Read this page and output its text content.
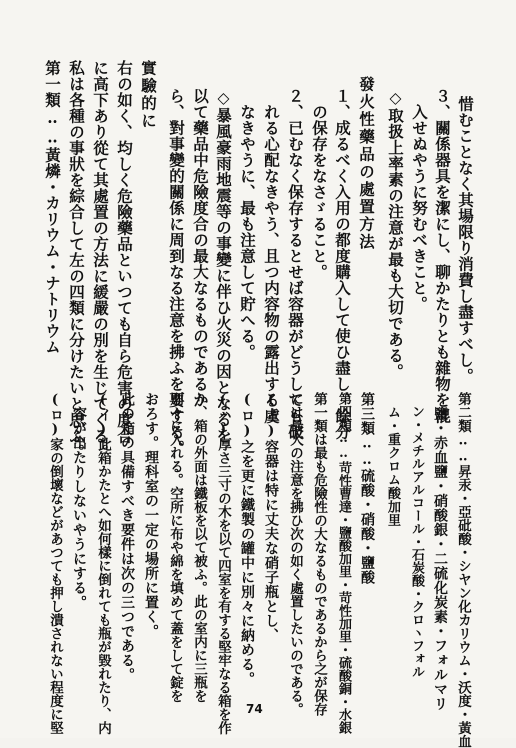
惜むことなく其場限り消費し盡すべし。
３、關係器具を潔にし、聊かたりとも雜物を混
　入せぬやうに努むべきこと。
◇取扱上率素の注意が最も大切である。
發火性藥品の處置方法
１、成るべく入用の都度購入して使ひ盡し、餘分
　の保存をなさゞること。
２、已むなく保存するとせば容器がどうしても破
　れる心配なきやう、且つ内容物の露出する虞
　なきやうに、最も注意して貯へる。
◇暴風豪雨地震等の事變に伴ひ火災の因となるを
以て藥品中危險度合の最大なるものであるか
ら、對事變的關係に周到なる注意を拂ふを要する。
實驗的に
右の如く、均しく危險藥品といつても自ら危害の度合
に高下あり從て其處置の方法に緩嚴の別を生じてくる。
私は各種の事狀を綜合して左の四類に分けたいと思ふ。
第一類‥‥黃燐・カリウム・ナトリウム
第二類‥‥昇汞・亞砒酸・シヤン化カリウム・沃度・黃血
　鹽・赤血鹽・硝酸銀・二硫化炭素・フォルマリ
　ン・メチルアルコール・石炭酸・クロヽフォル
　ム・重クロム酸加里
第三類‥‥硫酸・硝酸・鹽酸
第四類‥‥苛性曹達・鹽酸加里・苛性加里・硫酸銅・水銀
第一類は最も危險性の大なるものであるから之が保存
には最大の注意を拂ひ次の如く處置したいのである。
(イ)容器は特に丈夫な硝子瓶とし、
(ロ)之を更に鐵製の罐中に別々に納める。
(ハ)厚さ三寸の木を以て四室を有する堅牢なる箱を作
り、箱の外面は鐵板を以て被ふ。此の室内に三瓶を
別々に入れる。空所に布や綿を填めて蓋をして錠を
おろす。理科室の一定の場所に置く。
此の箱の具備すべき要件は次の三つである。
(イ)此箱かたとへ如何樣に倒れても瓶が毀れたり、内
　容が出たりしないやうにする。
(ロ)家の倒壞などがあつても押し潰されない程度に堅	74
